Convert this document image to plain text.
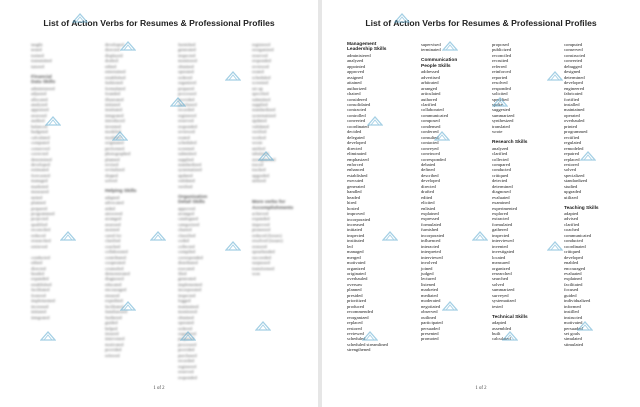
List of Action Verbs for Resumes & Professional Profiles
taught
tested
trained
transmitted
tutored
Financial
Data Skills
administered
adjusted
allocated
analyzed
appraised
assessed
audited
balanced
budgeted
calculated
computed
conserved
corrected
determined
developed
estimated
forecasted
managed
marketed
measured
netted
planned
prepared
programmed
projected
qualified
reconciled
reduced
researched
retrieved
conducted
edited
directed
headed
expanded
established
facilitated
fostered
implemented
increased
initiated
integrated
developed
directed
displayed
drafted
edited
entertained
established
fashioned
formulated
founded
illustrated
initiated
instituted
integrated
introduced
invented
modeled
modified
originated
performed
photographed
planned
revised
revitalized
shaped
solved
Helping Skills
adapted
advocated
aided
answered
arranged
assessed
assisted
cared for
clarified
coached
collaborated
contributed
cooperated
counseled
demonstrated
diagnosed
educated
encouraged
ensured
expedited
facilitated
familiarized
furthered
guided
helped
insured
intervened
motivated
provided
referred
furnished
generated
inspected
monitored
obtained
operated
ordered
organized
prepared
processed
provided
purchased
recorded
registered
reserved
responded
reviewed
routed
scheduled
screened
submitted
supplied
standardized
systematized
updated
validated
verified
Organization
Detail Skills
approved
arranged
catalogued
categorized
charted
classified
coded
collected
compiled
corresponded
distributed
executed
filed
generated
implemented
incorporated
inspected
logged
maintained
monitored
obtained
operated
ordered
organized
prepared
processed
provided
purchased
recorded
registered
reserved
responded
registered
reorganized
reserved
responded
reviewed
routed
scheduled
screened
set up
specified
submitted
supplied
standardized
systematized
updated
validated
verified
worked
wrote
unified
tabulated
strengthened
traced
tracked
upgraded
utilized
More verbs for
Accomplishments
achieved
expanded
improved
pioneered
reduced (losses)
resolved (issues)
restored
spearheaded
succeeded
surpassed
transformed
won
1 of 2
List of Action Verbs for Resumes & Professional Profiles
Management
Leadership Skills
administered
analyzed
appointed
approved
assigned
attained
authorized
chaired
considered
consolidated
contracted
controlled
converted
coordinated
decided
delegated
developed
directed
eliminated
emphasized
enforced
enhanced
established
executed
generated
handled
headed
hired
hosted
improved
incorporated
increased
initiated
inspected
instituted
led
managed
merged
motivated
organized
originated
overhauled
oversaw
planned
presided
prioritized
produced
recommended
reorganized
replaced
restored
reviewed
scheduled
scheduled streamlined
strengthened
supervised
terminated
Communication
People Skills
addressed
advertised
arbitrated
arranged
articulated
authored
clarified
collaborated
communicated
composed
condensed
conferred
consulted
contacted
conveyed
convinced
corresponded
debated
defined
described
developed
directed
drafted
edited
elicited
enlisted
explained
expressed
formulated
furnished
incorporated
influenced
interacted
interpreted
interviewed
involved
joined
judged
lectured
listened
marketed
mediated
moderated
negotiated
observed
outlined
participated
persuaded
presented
promoted
proposed
publicized
reconciled
recruited
referred
reinforced
reported
resolved
responded
solicited
specified
spoke
suggested
summarized
synthesized
translated
wrote
Research Skills
analyzed
clarified
collected
compared
conducted
critiqued
detected
determined
diagnosed
evaluated
examined
experimented
explored
extracted
formulated
gathered
inspected
interviewed
invented
investigated
located
measured
organized
researched
searched
solved
summarized
surveyed
systematized
tested
Technical Skills
adapted
assembled
built
calculated
computed
conserved
constructed
converted
debugged
designed
determined
developed
engineered
fabricated
fortified
installed
maintained
operated
overhauled
printed
programmed
rectified
regulated
remodeled
repaired
replaced
restored
solved
specialized
standardized
studied
upgraded
utilized
Teaching Skills
adapted
advised
clarified
coached
communicated
conducted
coordinated
critiqued
developed
enabled
encouraged
evaluated
explained
facilitated
focused
guided
individualized
informed
instilled
instructed
motivated
persuaded
set goals
simulated
stimulated
1 of 2
